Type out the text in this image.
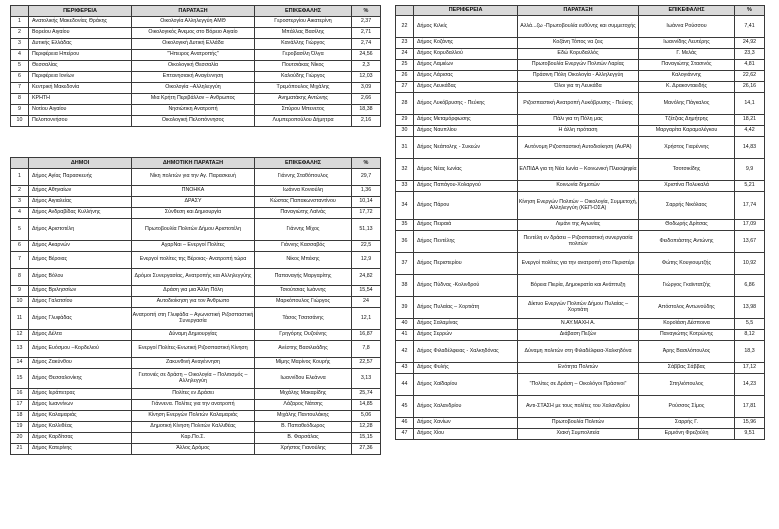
	ΠΕΡΙΦΕΡΕΙΑ	ΠΑΡΑΤΑΞΗ	ΕΠΙΚΕΦΑΛΗΣ	%
1	Ανατολικής Μακεδονίας Θράκης	Οικολογία Αλληλεγγύη ΑΜΘ	Γεροστεργίου Αικατερίνη	2,37
2	Βορείου Αιγαίου	Οικολογικός Άνεμος στο Βόρειο Αιγαίο	Μπάλλας Βασίλης	2,71
3	Δυτικής Ελλάδας	Οικολογική Δυτική Ελλάδα	Κανάλλης Γιώργος	2,74
4	Περιφέρεια Ηπείρου	"Ήπειρος Ανατροπής"	Γεροβασίλη Όλγα	24,56
5	Θεσσαλίας	Οικολογική Θεσσαλία	Πουτσιάκας Νίκος	2,3
6	Περιφέρεια Ιονίων	Επτανησιακή Αναγέννηση	Καλούδης Γιώργος	12,03
7	Κεντρική Μακεδονία	Οικολογία –Αλληλεγγύη	Τρεμόπουλος Μιχάλης	3,09
8	ΚΡΗΤΗ	Μια Κρήτη Περιβάλλον – Ανθρωπος	Ανηματάκης Αντώνης	2,66
9	Νοτίου Αιγαίου	Νησιώτικη Ανατροπή	Σπύρου Μπενετος	18,38
10	Πελοποννήσου	Οικολογική Πελοπόννησος	Λυμπεροπούλου Δήμητρα	2,16
	ΔΗΜΟΙ	ΔΗΜΟΤΙΚΗ ΠΑΡΑΤΑΞΗ	ΕΠΙΚΕΦΑΛΗΣ	%
1	Δήμος Αγίας Παρασκευής	Νίκη πολιτών για την Αγ. Παρασκευή	Γιάννης Σταθόπουλος	29,7
2	Δήμος Αθηναίων	ΠΝΟΗΚΑ	Ιωάννα Κονιούλη	1,36
3	Δήμος Αιγιαλείας	ΔΡΑΣΥ	Κώστας Παπακωνσταντίνου	10,14
4	Δήμος Ανδραβίδας Κυλλήνης	Σύνθεση και Δημιουργία	Παναγιώτης Λαϊνάς	17,72
5	Δήμος Αριστοτέλη	Πρωτοβουλία Πολιτών Δήμου Αριστοτέλη	Γιάννης Μίχος	51,13
6	Δήμος Ακαρνών	ΑχαρΝαι – Ενεργοί Πολίτες	Γιάννης Κασσαβός	22,5
7	Δήμος Βέροιας	Ενεργοί πολίτες της Βέροιας- Ανατροπή τώρα	Νίκος Μπέκης	12,9
8	Δήμος Βόλου	Δρόμοι Συνεργασίας, Ανατροπής και Αλληλεγγύης	Παπαναγής Μαργαρίτης	24,82
9	Δήμος Βριλησσίων	Δράση για μια Άλλη Πόλη	Τσιούτσιας Ιωάννης	15,54
10	Δήμος Γαλατσίου	Αυτοδιοίκηση για τον Άνθρωπο	Μαρκόπουλος Γιώργος	24
11	Δήμος Γλυφάδας	Ανατροπή στη Γλυφάδα – Αγωνιστική Ριζοσπαστική Συνεργασία	Τάσος Τσατσάνης	12,1
12	Δήμος Δέλτα	Δύναμη Δημιουργίας	Γρηγόρης Ουζούνης	16,87
13	Δήμος Ευόσμου –Κορδελιού	Ενεργοί Πολίτες-Ενωτική Ριζοσπαστική Κίνηση	Ανέστης Βασιλειάδης	7,8
14	Δήμος Ζακύνθου	Ζακυνθινή Αναγέννηση	Μίμης Μαρίνος Κουρής	22,57
15	Δήμος Θεσσαλονίκης	Γειτονιές σε δράση – Οικολογία – Πολιτισμός – Αλληλεγγύη	Ιωαννίδου Ελεάννα	3,13
16	Δήμος Ιεράπετρας	Πολίτες εν Δράσει	Μιχάλης Μακαρίδης	25,74
17	Δήμος Ιωαννίνων	Γιάννενα. Πολίτες για την ανατροπή	Λάζαρος Νάτσης	14,85
18	Δήμος Καλαμαριάς	Κίνηση Ενεργών Πολιτών Καλαμαριάς	Μιχάλης Παντουλάκης	5,06
19	Δήμος Καλλιθέας	Δημοτική Κίνηση Πολιτών Καλλιθέας	Β. Παπαθεόδωρος	12,28
20	Δήμος Καρδίτσας	Καρ.Πο.Σ.	Β. Φαρσάλας	15,15
21	Δήμος Κατερίνης	Άλλος Δρόμος	Χρήστος Γιανούλης	27,36
	ΠΕΡΙΦΕΡΕΙΑ	ΠΑΡΑΤΑΞΗ	ΕΠΙΚΕΦΑΛΗΣ	%
22	Δήμος Κιλκίς	Αλλά...ζω -Πρωτοβουλία ευθύνης και συμμετοχής	Ιωάννα Ρούσσου	7,41
23	Δήμος Κοζάνης	Κοζάνη Τόπος να ζεις	Ιωαννίδης Λευτέρης	24,92
24	Δήμος Κορυδαλλού	Εδώ Κορυδαλλός	Γ. Μελάς	23,3
25	Δήμος Λαμιέων	Πρωτοβουλία Ενεργών Πολιτών Λαρίας	Παναγιώτης Στασινός	4,81
26	Δήμος Λάρισας	Πράσινη Πόλη Οικολογία - Αλληλεγγύη	Καλογιάννης	22,62
27	Δήμος Λευκάδας	Όλοι για τη Λευκάδα	Κ. Δρακονταειδής	26,16
28	Δήμος Λυκόβρυσης - Πεύκης	Ριζοσπαστική Ανατροπή Λυκόβρυσης - Πεύκης	Μανόλης Πάγκαλος	14,1
29	Δήμος Μεταμόρφωσης	Πάλι για τη Πόλη μας	Τζέτζιας Δημήτρης	18,21
30	Δήμος Ναυπλίου	Η άλλη πρόταση	Μαργαρίτα Καραμολέγκου	4,42
31	Δήμος Νεάπολης - Συκεών	Αυτόνομη Ριζοσπαστική Αυτοδιοίκηση (ΑυΡΑ)	Χρήστος Γιαρέννης	14,83
32	Δήμος Νέας Ιωνίας	ΕΛΠΙΔΑ για τη Νέα Ιωνία – Κοινωνική Πλειοψηφία	Τσοτσικίδης	9,9
33	Δήμος Παπάγου-Χολαργού	Κοινωνία δημοτών	Χριστίνα Πολυκαλά	5,21
34	Δήμος Πάρου	Κίνηση Ενεργών Πολιτών – Οικολογία, Συμμετοχή, Αλληλεγγύη (ΚΕΠ-ΟΣΑ)	Σαρρής Νικόλαος	17,74
35	Δήμος Πειραιά	Λιμάνι της Αγωνίας	Θοδωρής Δρίτσας	17,09
36	Δήμος Πεντέλης	Πεντέλη εν δράσει – Ριζοσπαστική συνεργασία πολιτών	Φειδοπιάστης Αντώνης	13,67
37	Δήμος Περιστερίου	Ενεργοί πολίτες για την ανατροπή στο Περιστέρι	Φώτης Κουγιουμτζής	10,92
38	Δήμος Πύδνας -Κολινδρού	Βόρεια Πιερία, Δημοκρατία και Ανάπτυξη	Γιώργος Γκαϊντατζής	6,86
39	Δήμος Πυλαίας – Χορτιάτη	Δίκτυο Ενεργών Πολιτών Δήμου Πυλαίας – Χορτιάτη	Απόστολος Αντωνούδης	13,98
40	Δήμος Σαλαμίνας	Ν.ΑΥ.ΜΑΧΗ Α.	Κοροϊάση Δέσποινα	5,5
41	Δήμος Σερρών	Διάβαση Πεζών	Παναγιώτης Κοτρώνης	8,12
42	Δήμος Φιλαδέλφειας - Χαλκηδόνας	Δύναμη πολιτών στη Φιλαδέλφεια-Χαλκηδόνα	Άρης Βασιλόπουλος	18,3
43	Δήμος Φυλής	Ενότητα Πολιτών	Σάββας Σάββας	17,12
44	Δήμος Χαϊδαρίου	"Πολίτες σε Δράση – Οικολόγοι Πράσινοι"	Σπηλιόπουλος	14,23
45	Δήμος Χαλανδρίου	Αντι-ΣΤΑΣΗ με τους πολίτες του Χαλανδρίου	Ρούσσος Σίμος	17,81
46	Δήμος Χανίων	Πρωτοβουλία Πολιτών	Σαρρής Γ.	15,96
47	Δήμος Χίου	Χιακή Συμπολιτεία	Ερμιόνη Φρεζούλη	9,51
